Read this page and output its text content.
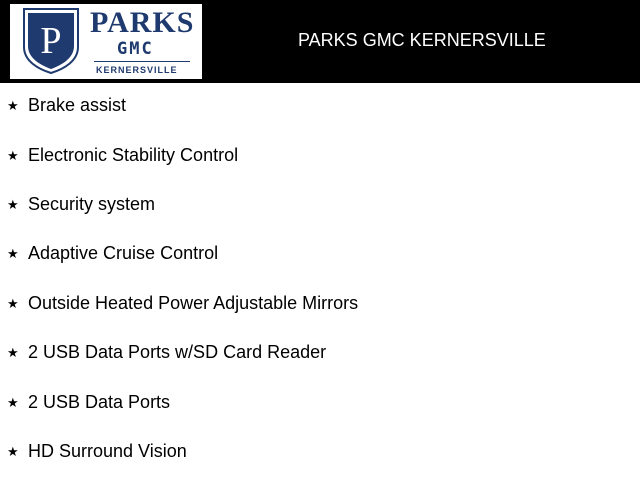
P PARKS
GMC
KERNERSVILLE
PARKS GMC KERNERSVILLE
★ Brake assist
★ Electronic Stability Control
★ Security system
★ Adaptive Cruise Control
★ Outside Heated Power Adjustable Mirrors
★ 2 USB Data Ports w/SD Card Reader
★ 2 USB Data Ports
★ HD Surround Vision
